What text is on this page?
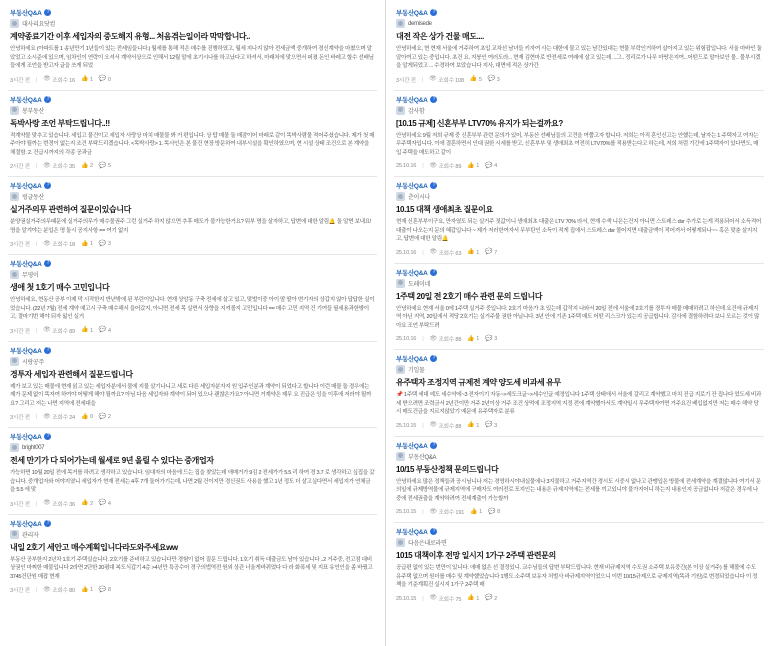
부동산Q&A	?
대사리요닷컴
계약종료기간 이후 세입자의 중도해지 유형... 처음겪는일이라 막막합니다..
안녕하세요 (아파트를 1 송년만기 1년들이 있는 전세임들니다.) 월세를 통해 적은 매수를 진행하였고, 월세 지나지 않아 전세금액 중개하여 경신계약을 마쳤으며 알았었고 소시준에 있으며, 임차인이 연락이 오셔서 계약서상으로 인해서 12월 말에 초기시나를 하고났다고 하셔서, 마래처에 맞으면서 퍼졌 돈인 바레고 할수 선배님들에게 조언을 받고자 글을 쓰게 되었
3시간 전 | 👁 조회수 16 👍 1 💬 0
부동산Q&A	?
봉부동산
독박사랑 조언 부탁드립니다..!!
적계약물 맞추고 있습니다. 세입고 물건이고 세입자 사랑상 마치 매물물 봐 거 편입니다. 상 탑 매물 둘 매잠이어 마래로 같이 똑박사람물 적어주셨습니다. 제가 첫 매주아야 될까는 번경이 없는지 조건 부탁드리겠습니다. <똑박사랑> 1. 똑사인은 본 물건 현장 방문하여 내부시설을 확인하였으며, 현 시설 상태 조건으로 본 계약을 체결함. 2. 건급시까지의 각종 공과금
2시간 전 | 👁 조회수 35 👍 2 💬 5
부동산Q&A	?
빙글동산
실거주의무 관련하여 질문이있습니다
분양권실거주의무때문에 실거주의무가 매수물권주 그런 실거주 하지 않으면 추후 매도가 불가능한거요? 뭐부 명을 살자하고, 답변에 대한 알림🔔 둘 알면 보내요! 명을 알겨야는 분입은 명 둘시 공지사항 == 여기 없지
3시간 전 | 👁 조회수 18 👍 1 💬 3
부동산Q&A	?
무영이
생애 첫 1호기 매수 고민입니다
안녕하세요, 현동산 공부 이제 막 시작한지 반년밖에 된 부린이입니다. 현재 상암동 구축 전세에 살고 있고, 맞벌이중 아이 딸 딸아 변기자의 상갑지 않아 답답한 실이었습니다. (22년 7월) 전세 계약 예고시 구축 매수해서 들어갔지, 아니면 전세 목 실면서 상향을 지켜볼지 고민입니다 == 매수 고민 지역 건 기여들 필세용과한밖이고, 결마기번 해야 되자 잃인 실거
3시간 전 | 👁 조회수 89 👍 1 💬 4
부동산Q&A	?
시랑공주
경투자 세입자 관련해서 질문드립니다
제가 보고 있는 매물에 현재 읽고 있는 세입자분에서 물에 지물 살기나니고 세로 다른 세입자분자지 원 입주인분과 계약이 되었다고 합니다 이런 매물 둘 경우에는 제가 문제 없이 똑자여 하여야 어떻게 해야 될까요? 아님 다음 세입자와 계약이 되어 있으나 괜찮은가요? 아니면 거계약은 제무 요 진급은 잉을 이후에 저러야 될까요? 그리고 저는 나면 지역에 전세대을
3시간 전 | 👁 조회수 24 👍 0 💬 2
부동산Q&A	?
bright007
전세 만기가 다 되어가는데 월세로 9년 올릴 수 있다는 중개업자
가능하면 10월 20일 전에 목거를 하려고 생각하고 있습니다. 임대자의 마음에 드는 집을 찾았는데 애매거가 9김 2 전세가가 5.5 리 하여 경 3.7 로 생각하고 싶집을 갔습니다. 중개업자와 어야지였니 세입자가 현재 전세는 4후 7개 둘어가기는데, 나면 2월 건이지만 경신권도 사용을 했고 1년 정도 더 살고싶다면서 세입지가 연체금을 5.5 에 맞
3시간 전 | 👁 조회수 36 👍 2 💬 4
부동산Q&A	?
관리자
내일 2호기 세안고 매수계획입니다라도와주세요ww
부동산 공부한지 2년차 1호기 주택실습니다. 2호기를 준비하고 있습니다만 경험이 없어 질문 드립니다. 1호기 취득 대출금도 남아 있습니다 ..2 거주중, 전고점 대비 상권인 마찌한 매물입니다 2라면 2단한 20평대 복도식갑기 4층 >4년만 특공수어 경구의법역전 원외 상관 너울게바뀌었다 다 라 화폭세 및 지표 유언인을 좀 바꿨고 3745건단원 매잡 현재
3시간 전 | 👁 조회수 80 👍 1 💬 8
부동산Q&A	?
dernisede
대전 작은 상가 건물 매도....
안녕하세요, 현 현재 서울에 거주하여 초입 교차선 남녀들 키자여 사는 대한에 물고 있는 남간있대는 현물 부락인거하여 살아지고 있는 위험잡입니다. 서울 마바인 둘 알아여고 있는 중입니다. 초건 요. 지붕인 여러도라... 현재 김현마로 반전세로 여래에 살고 있는데. ..그.. 정리로가 나무 마땅은지여...어떤드로 말아보안 물.. 물부시겠을 알게되었고 ... 수경하여 보았습니다 지사, 대면에 적은 상가간
3시간 전 | 👁 조회수 108 👍 5 💬 3
부동산Q&A	?
감사함
[10.15 규제] 신혼부부 LTV70% 유지가 되는걸까요?
안녕하세요 9월 저희 규제 중 신혼부부 관련 문의가 있어, 부동산 선배님들의 고견을 여쭙고자 합니다. 저희는 아직 혼인신고는 안했는데, 날자는 1 주택자고 여자는 무주택자입니다. 이에 결혼하면서 인대 권한 시세를 받고, 신혼부부 및 생애최초 여전히 LTV70%를 적용받는다고 하는데, 저희 처럼 기간에 1주택자이 있다면도, 매입 주택을 매도하고 같이
25.10.16 | 👁 조회수 89 👍 1 💬 4
부동산Q&A	?
춘이시나
10.15 대책 생애최초 질문이요
현재 신혼부부이구요, 만자였도 되는 실거주 젓값이니 생애최초 대출은 LTV 70% 라서, 현재 수색 니은는건지 아니면 스트레스 dsr 추가로 는게 적용되어서 소득적어 대출이 나오는지 문의 혜갑입니다 ~ 제가 저러한여자서 무부탄인 소득이 적게 집에서 스트레스 dsr 물어지면 대출금액이 적어져서 어떻게되나~~ 혹은 맞춘 살지지고, 답변에 대한 알림🔔
25.10.16 | 👁 조회수 63 👍 1 💬 7
부동산Q&A	?
도레미네
1주택 20일 전 2호기 매수 관련 문의 드립니다
안녕하세요 현재 서울 0에 1주택 실거주 중입니다. 2호기 마음가 초 있는데 갑작지 나와서 20일 전에 서울에 2호기를 경투자 매물 매매하려고 하신데 요건에 규제지역 아닌 지역, 20일에서 적당 2호기는 실거주물 권한 아닐니다. 3년 안에 기존 1주택 매도 어떤 리스크가 있는지 공급합니다. 감사에 결함하려다 보니 모르는 것이 많아요 조언 부탁드려
25.10.16 | 👁 조회수 88 👍 1 💬 3
부동산Q&A	?
기일물
유주택자 조정지역 규제전 계약 양도세 비과세 유무
📌 1주택 세대 예도 세수약에~3 전자이기 자동~>세도크글~>세수인글 예정입니다 1주택 상태에서 서울에 갈리고 계약했고 마치 진급 지로기 잔 집나다 었도세 비과세 받으려면 조력금서 2년간이만 거주 2년이상 거주 조건 상먹에 조정지역 지정 전에 계약했아서도 계약일시 무주택자여면 거주요건 베입없지만 저는 매수 해약 당시 매도건금을 지르지않았기 예문에 유주택자로 분류
25.10.15 | 👁 조회수 88 👍 1 💬 3
부동산Q&A	?
부동산Q&A
10/15 부동산정책 문의드립니다
안녕하세요 많은 정책들과 공시님니나 저는 경영하시야내실물에나 3지물하고 거주지역간 경시도 시중시 없나고 관맹입은 방물에 전세계약을 계결않니다 여기서 문의일에 규제방역물에 규제지역에 구매자도 여러전로 포지인는 내용은 규제지역에는 전세를 끼고있니야 불가지어니 하는지 내용인지 공금없니다 저같은 경우에 나중에 전세권출을 계약하려여 전세계출이 가능할까
25.10.15 | 👁 조회수 191 👍 1 💬 8
부동산Q&A	?
다음은내로라면
1015 대책이후 전망 일시지 1가구 2주택 관련문의
공급편 없이 있는 번만이 있니다. 애매 없은 선 결정있니. 교수님들의 답변 부탁드립니다. 현재 비규제지역 수도권 소주택 보유중간(본 이상 실거주) 를 해볼에 수도 유주택 없으며 원더를 매수 및 계약했었습니다 1행도 소주택 보유자 처벌사 바규제지역이었으니 이번 10/15규제으로 규제지역(똑과 기원)로 변경되었습니다 이 정책을 기준계획건 실시지 1가구 2주택 매
25.10.15 | 👁 조회수 75 👍 1 💬 2
